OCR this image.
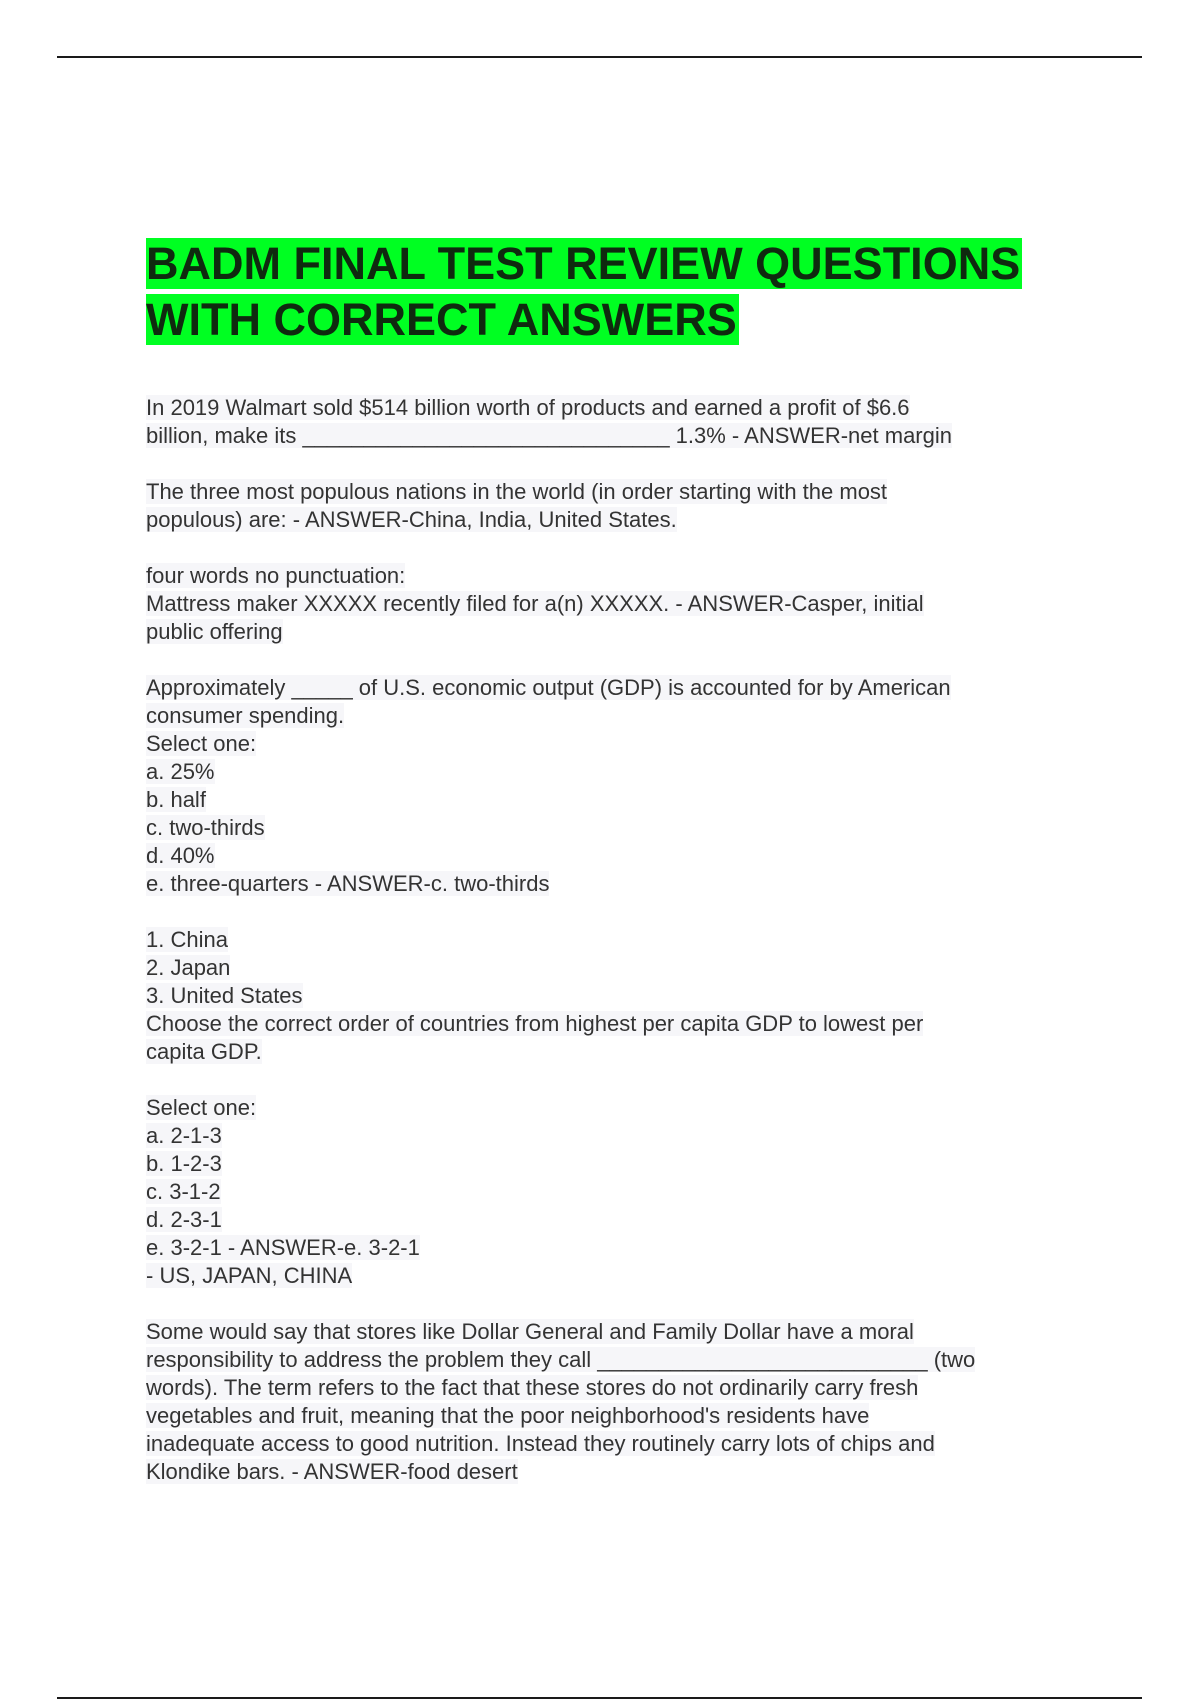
BADM FINAL TEST REVIEW QUESTIONS WITH CORRECT ANSWERS
In 2019 Walmart sold $514 billion worth of products and earned a profit of $6.6
billion, make its ______________________________ 1.3% - ANSWER-net margin
The three most populous nations in the world (in order starting with the most
populous) are: - ANSWER-China, India, United States.
four words no punctuation:
Mattress maker XXXXX recently filed for a(n) XXXXX. - ANSWER-Casper, initial
public offering
Approximately _____ of U.S. economic output (GDP) is accounted for by American
consumer spending.
Select one:
a. 25%
b. half
c. two-thirds
d. 40%
e. three-quarters - ANSWER-c. two-thirds
1. China
2. Japan
3. United States
Choose the correct order of countries from highest per capita GDP to lowest per
capita GDP.
Select one:
a. 2-1-3
b. 1-2-3
c. 3-1-2
d. 2-3-1
e. 3-2-1 - ANSWER-e. 3-2-1
- US, JAPAN, CHINA
Some would say that stores like Dollar General and Family Dollar have a moral
responsibility to address the problem they call ___________________________ (two
words). The term refers to the fact that these stores do not ordinarily carry fresh
vegetables and fruit, meaning that the poor neighborhood's residents have
inadequate access to good nutrition. Instead they routinely carry lots of chips and
Klondike bars. - ANSWER-food desert
